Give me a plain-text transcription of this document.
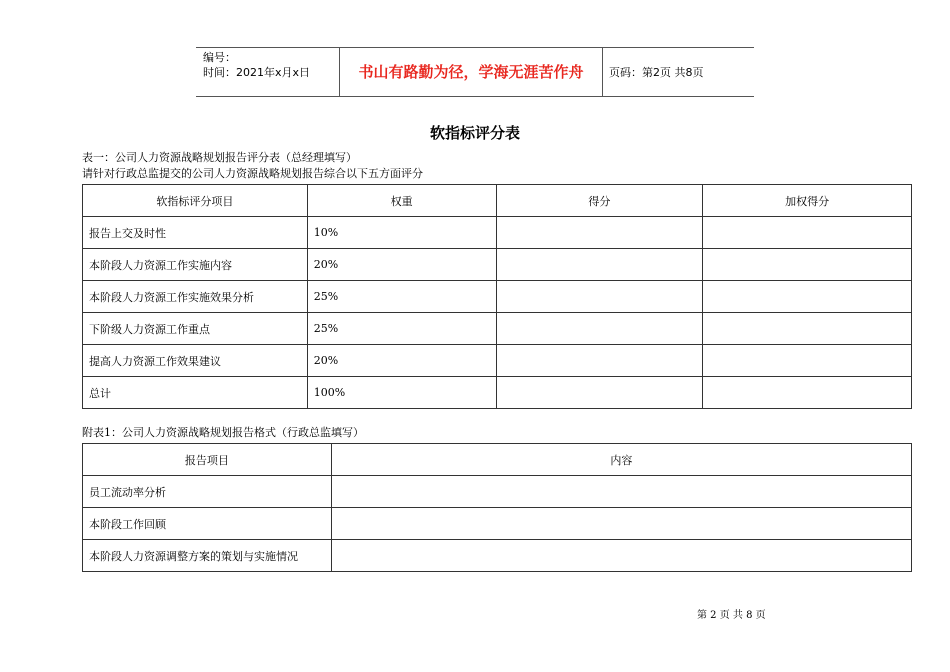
编号：
时间：2021年x月x日	书山有路勤为径，学海无涯苦作舟	页码：第2页 共8页
软指标评分表
表一：公司人力资源战略规划报告评分表（总经理填写）
请针对行政总监提交的公司人力资源战略规划报告综合以下五方面评分
软指标评分项目	权重	得分	加权得分
报告上交及时性	10%		
本阶段人力资源工作实施内容	20%		
本阶段人力资源工作实施效果分析	25%		
下阶级人力资源工作重点	25%		
提高人力资源工作效果建议	20%		
总计	100%		
附表1：公司人力资源战略规划报告格式（行政总监填写）
报告项目	内容
员工流动率分析	
本阶段工作回顾	
本阶段人力资源调整方案的策划与实施情况	
第 2 页 共 8 页
